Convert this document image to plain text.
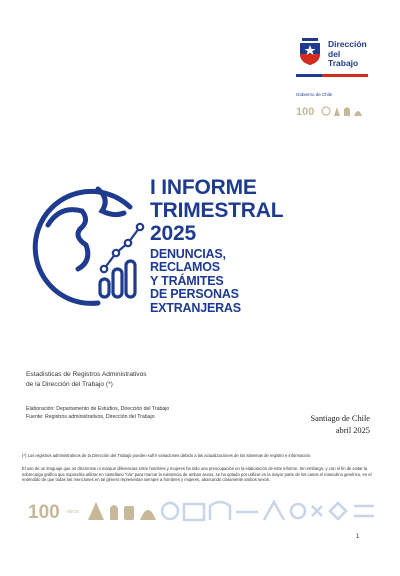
Dirección
del Trabajo
Gobierno de Chile
100
I INFORME
TRIMESTRAL
2025
DENUNCIAS,
RECLAMOS
Y TRÁMITES
DE PERSONAS
EXTRANJERAS
Estadísticas de Registros Administrativos
de la Dirección del Trabajo (*)
Elaboración: Departamento de Estudios, Dirección del Trabajo
Fuente: Registros administrativos, Dirección del Trabajo	Santiago de Chile
abril 2025
(*) Los registros administrativos de la Dirección del Trabajo pueden sufrir variaciones debido a las actualizaciones de los sistemas de registro e información.
El uso de un lenguaje que no discrimine ni marque diferencias entre hombres y mujeres ha sido una preocupación en la elaboración de este informe. Sin embargo, y con el fin de evitar la sobrecarga gráfica que supondría utilizar en castellano "o/a" para marcar la existencia de ambos sexos, se ha optado por utilizar en la mayor parte de los casos el masculino genérico, en el entendido de que todas las menciones en tal género representan siempre a hombres y mujeres, abarcando claramente ambos sexos.
100 AÑOS
1
